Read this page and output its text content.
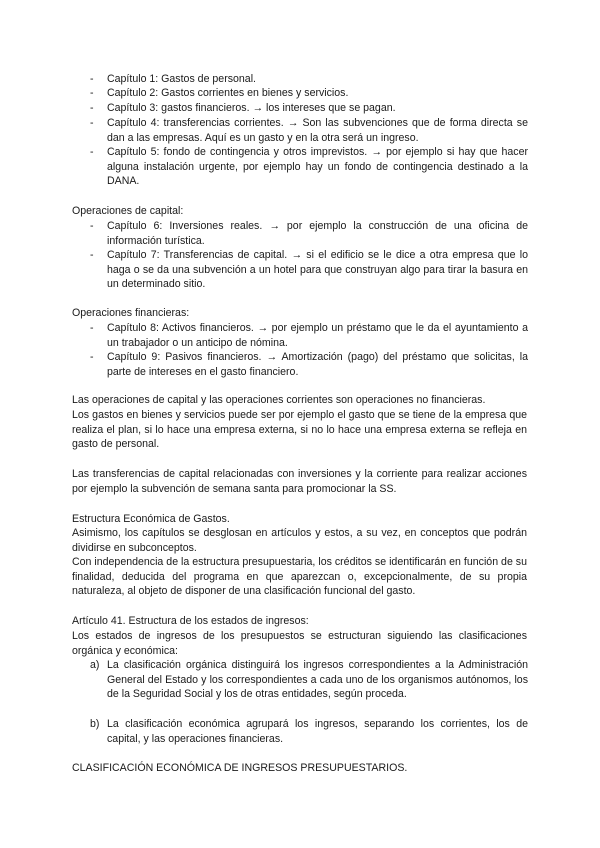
- Capítulo 1: Gastos de personal.
- Capítulo 2: Gastos corrientes en bienes y servicios.
- Capítulo 3: gastos financieros. → los intereses que se pagan.
- Capítulo 4: transferencias corrientes. → Son las subvenciones que de forma directa se dan a las empresas. Aquí es un gasto y en la otra será un ingreso.
- Capítulo 5: fondo de contingencia y otros imprevistos. → por ejemplo si hay que hacer alguna instalación urgente, por ejemplo hay un fondo de contingencia destinado a la DANA.
Operaciones de capital:
- Capítulo 6: Inversiones reales. → por ejemplo la construcción de una oficina de información turística.
- Capítulo 7: Transferencias de capital. → si el edificio se le dice a otra empresa que lo haga o se da una subvención a un hotel para que construyan algo para tirar la basura en un determinado sitio.
Operaciones financieras:
- Capítulo 8: Activos financieros. → por ejemplo un préstamo que le da el ayuntamiento a un trabajador o un anticipo de nómina.
- Capítulo 9: Pasivos financieros. → Amortización (pago) del préstamo que solicitas, la parte de intereses en el gasto financiero.
Las operaciones de capital y las operaciones corrientes son operaciones no financieras.
Los gastos en bienes y servicios puede ser por ejemplo el gasto que se tiene de la empresa que realiza el plan, si lo hace una empresa externa, si no lo hace una empresa externa se refleja en gasto de personal.
Las transferencias de capital relacionadas con inversiones y la corriente para realizar acciones por ejemplo la subvención de semana santa para promocionar la SS.
Estructura Económica de Gastos.
Asimismo, los capítulos se desglosan en artículos y estos, a su vez, en conceptos que podrán dividirse en subconceptos.
Con independencia de la estructura presupuestaria, los créditos se identificarán en función de su finalidad, deducida del programa en que aparezcan o, excepcionalmente, de su propia naturaleza, al objeto de disponer de una clasificación funcional del gasto.
Artículo 41. Estructura de los estados de ingresos:
Los estados de ingresos de los presupuestos se estructuran siguiendo las clasificaciones orgánica y económica:
a) La clasificación orgánica distinguirá los ingresos correspondientes a la Administración General del Estado y los correspondientes a cada uno de los organismos autónomos, los de la Seguridad Social y los de otras entidades, según proceda.
b) La clasificación económica agrupará los ingresos, separando los corrientes, los de capital, y las operaciones financieras.
CLASIFICACIÓN ECONÓMICA DE INGRESOS PRESUPUESTARIOS.
